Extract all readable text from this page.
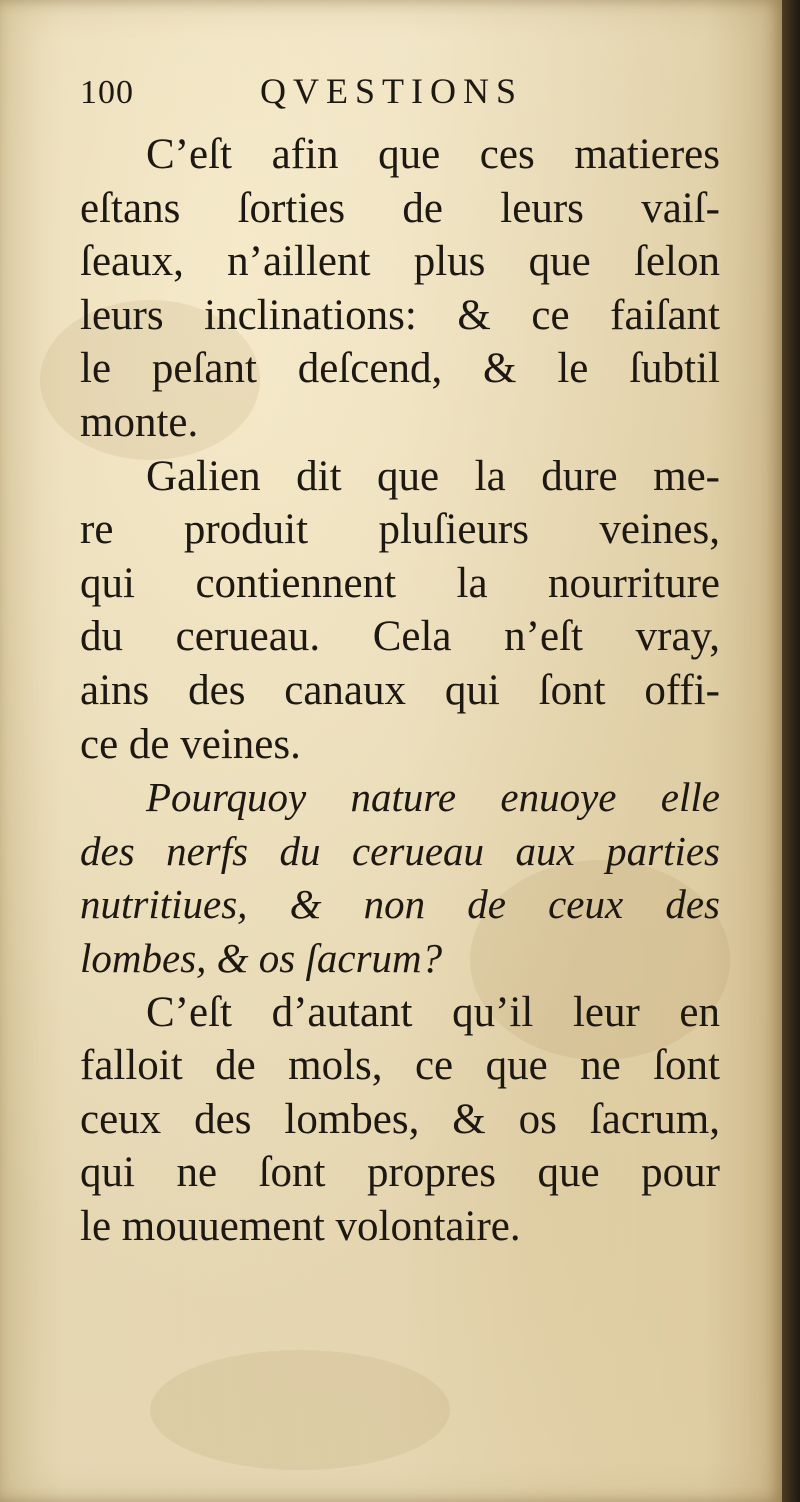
100	QVESTIONS
C’eſt afin que ces matieres
eſtans ſorties de leurs vaiſ-
ſeaux, n’aillent plus que ſelon
leurs inclinations: & ce faiſant
le peſant deſcend, & le ſubtil
monte.
Galien dit que la dure me-
re produit pluſieurs veines,
qui contiennent la nourriture
du cerueau. Cela n’eſt vray,
ains des canaux qui ſont offi-
ce de veines.
Pourquoy nature enuoye elle
des nerfs du cerueau aux parties
nutritiues, & non de ceux des
lombes, & os ſacrum?
C’eſt d’autant qu’il leur en
falloit de mols, ce que ne ſont
ceux des lombes, & os ſacrum,
qui ne ſont propres que pour
le mouuement volontaire.
